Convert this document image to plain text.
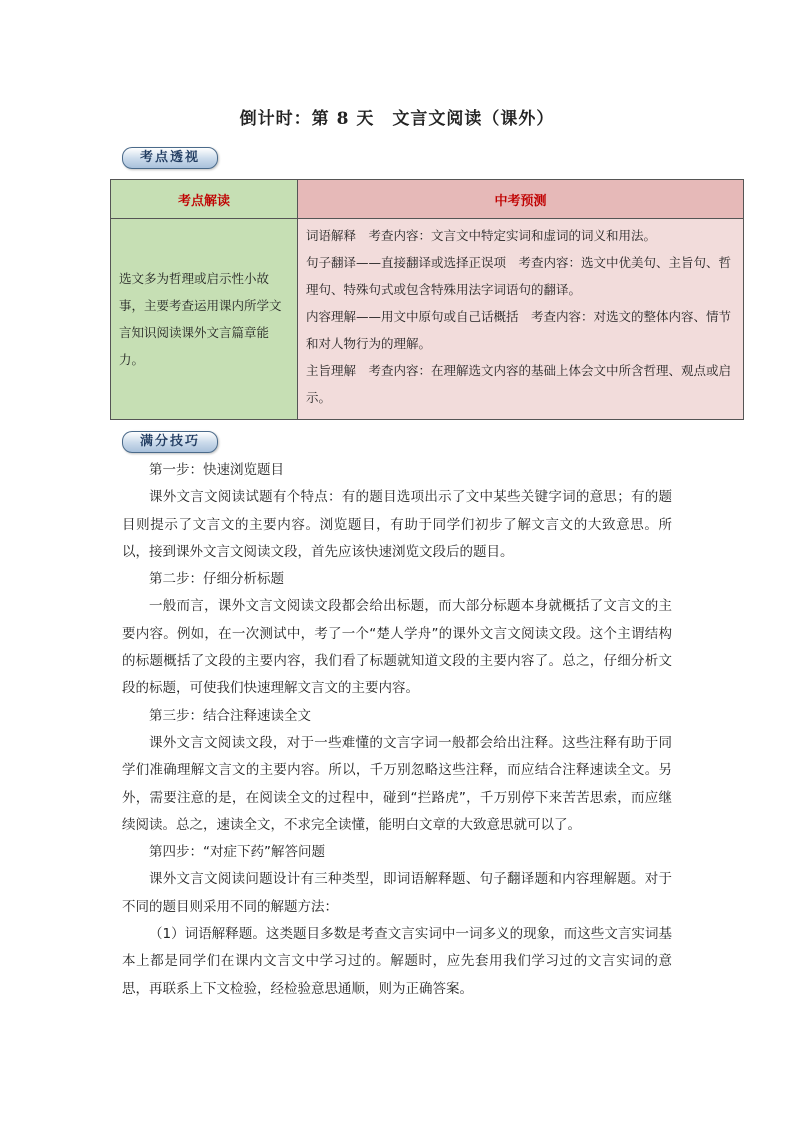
倒计时：第 8 天　文言文阅读（课外）
考点透视
考点解读	中考预测
选文多为哲理或启示性小故事，主要考查运用课内所学文言知识阅读课外文言篇章能力。	词语解释　考查内容：文言文中特定实词和虚词的词义和用法。
句子翻译——直接翻译或选择正误项　考查内容：选文中优美句、主旨句、哲理句、特殊句式或包含特殊用法字词语句的翻译。
内容理解——用文中原句或自己话概括　考查内容：对选文的整体内容、情节和对人物行为的理解。
主旨理解　考查内容：在理解选文内容的基础上体会文中所含哲理、观点或启示。
满分技巧

第一步：快速浏览题目

课外文言文阅读试题有个特点：有的题目选项出示了文中某些关键字词的意思；有的题目则提示了文言文的主要内容。浏览题目，有助于同学们初步了解文言文的大致意思。所以，接到课外文言文阅读文段，首先应该快速浏览文段后的题目。

第二步：仔细分析标题

一般而言，课外文言文阅读文段都会给出标题，而大部分标题本身就概括了文言文的主要内容。例如，在一次测试中，考了一个“楚人学舟”的课外文言文阅读文段。这个主谓结构的标题概括了文段的主要内容，我们看了标题就知道文段的主要内容了。总之，仔细分析文段的标题，可使我们快速理解文言文的主要内容。

第三步：结合注释速读全文

课外文言文阅读文段，对于一些难懂的文言字词一般都会给出注释。这些注释有助于同学们准确理解文言文的主要内容。所以，千万别忽略这些注释，而应结合注释速读全文。另外，需要注意的是，在阅读全文的过程中，碰到“拦路虎”，千万别停下来苦苦思索，而应继续阅读。总之，速读全文，不求完全读懂，能明白文章的大致意思就可以了。

第四步：“对症下药”解答问题

课外文言文阅读问题设计有三种类型，即词语解释题、句子翻译题和内容理解题。对于不同的题目则采用不同的解题方法：

（1）词语解释题。这类题目多数是考查文言实词中一词多义的现象，而这些文言实词基本上都是同学们在课内文言文中学习过的。解题时，应先套用我们学习过的文言实词的意思，再联系上下文检验，经检验意思通顺，则为正确答案。
